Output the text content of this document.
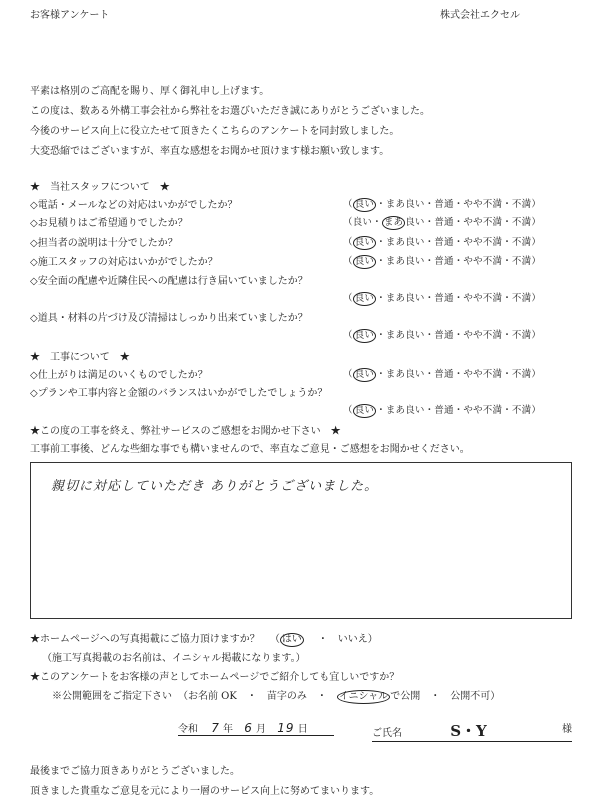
お客様アンケート	株式会社エクセル
平素は格別のご高配を賜り、厚く御礼申し上げます。
この度は、数ある外構工事会社から弊社をお選びいただき誠にありがとうございました。
今後のサービス向上に役立たせて頂きたくこちらのアンケートを同封致しました。
大変恐縮ではございますが、率直な感想をお聞かせ頂けます様お願い致します。
★　当社スタッフについて　★
◇電話・メールなどの対応はいかがでしたか？	（ 良い ・まあ良い・普通・やや不満・不満）
◇お見積りはご希望通りでしたか？	（良い・ まあ 良い・普通・やや不満・不満）
◇担当者の説明は十分でしたか？	（ 良い ・まあ良い・普通・やや不満・不満）
◇施工スタッフの対応はいかがでしたか？	（ 良い ・まあ良い・普通・やや不満・不満）
◇安全面の配慮や近隣住民への配慮は行き届いていましたか？
（ 良い ・まあ良い・普通・やや不満・不満）
◇道具・材料の片づけ及び清掃はしっかり出来ていましたか？
（ 良い ・まあ良い・普通・やや不満・不満）
★　工事について　★
◇仕上がりは満足のいくものでしたか？	（ 良い ・まあ良い・普通・やや不満・不満）
◇プランや工事内容と金額のバランスはいかがでしたでしょうか？
（ 良い ・まあ良い・普通・やや不満・不満）
★この度の工事を終え、弊社サービスのご感想をお聞かせ下さい　★
工事前工事後、どんな些細な事でも構いませんので、率直なご意見・ご感想をお聞かせください。
親切に対応していただき ありがとうございました。
★ホームページへの写真掲載にご協力頂けますか？ （ はい ・　いいえ）
（施工写真掲載のお名前は、イニシャル掲載になります。）
★このアンケートをお客様の声としてホームページでご紹介しても宜しいですか？
※公開範囲をご指定下さい （お名前 OK　・　苗字のみ　・　イニシャル で公開　・　公開不可）
令和 7 年 6 月 19 日	ご氏名	S・Y	様
最後までご協力頂きありがとうございました。
頂きました貴重なご意見を元により一層のサービス向上に努めてまいります。
